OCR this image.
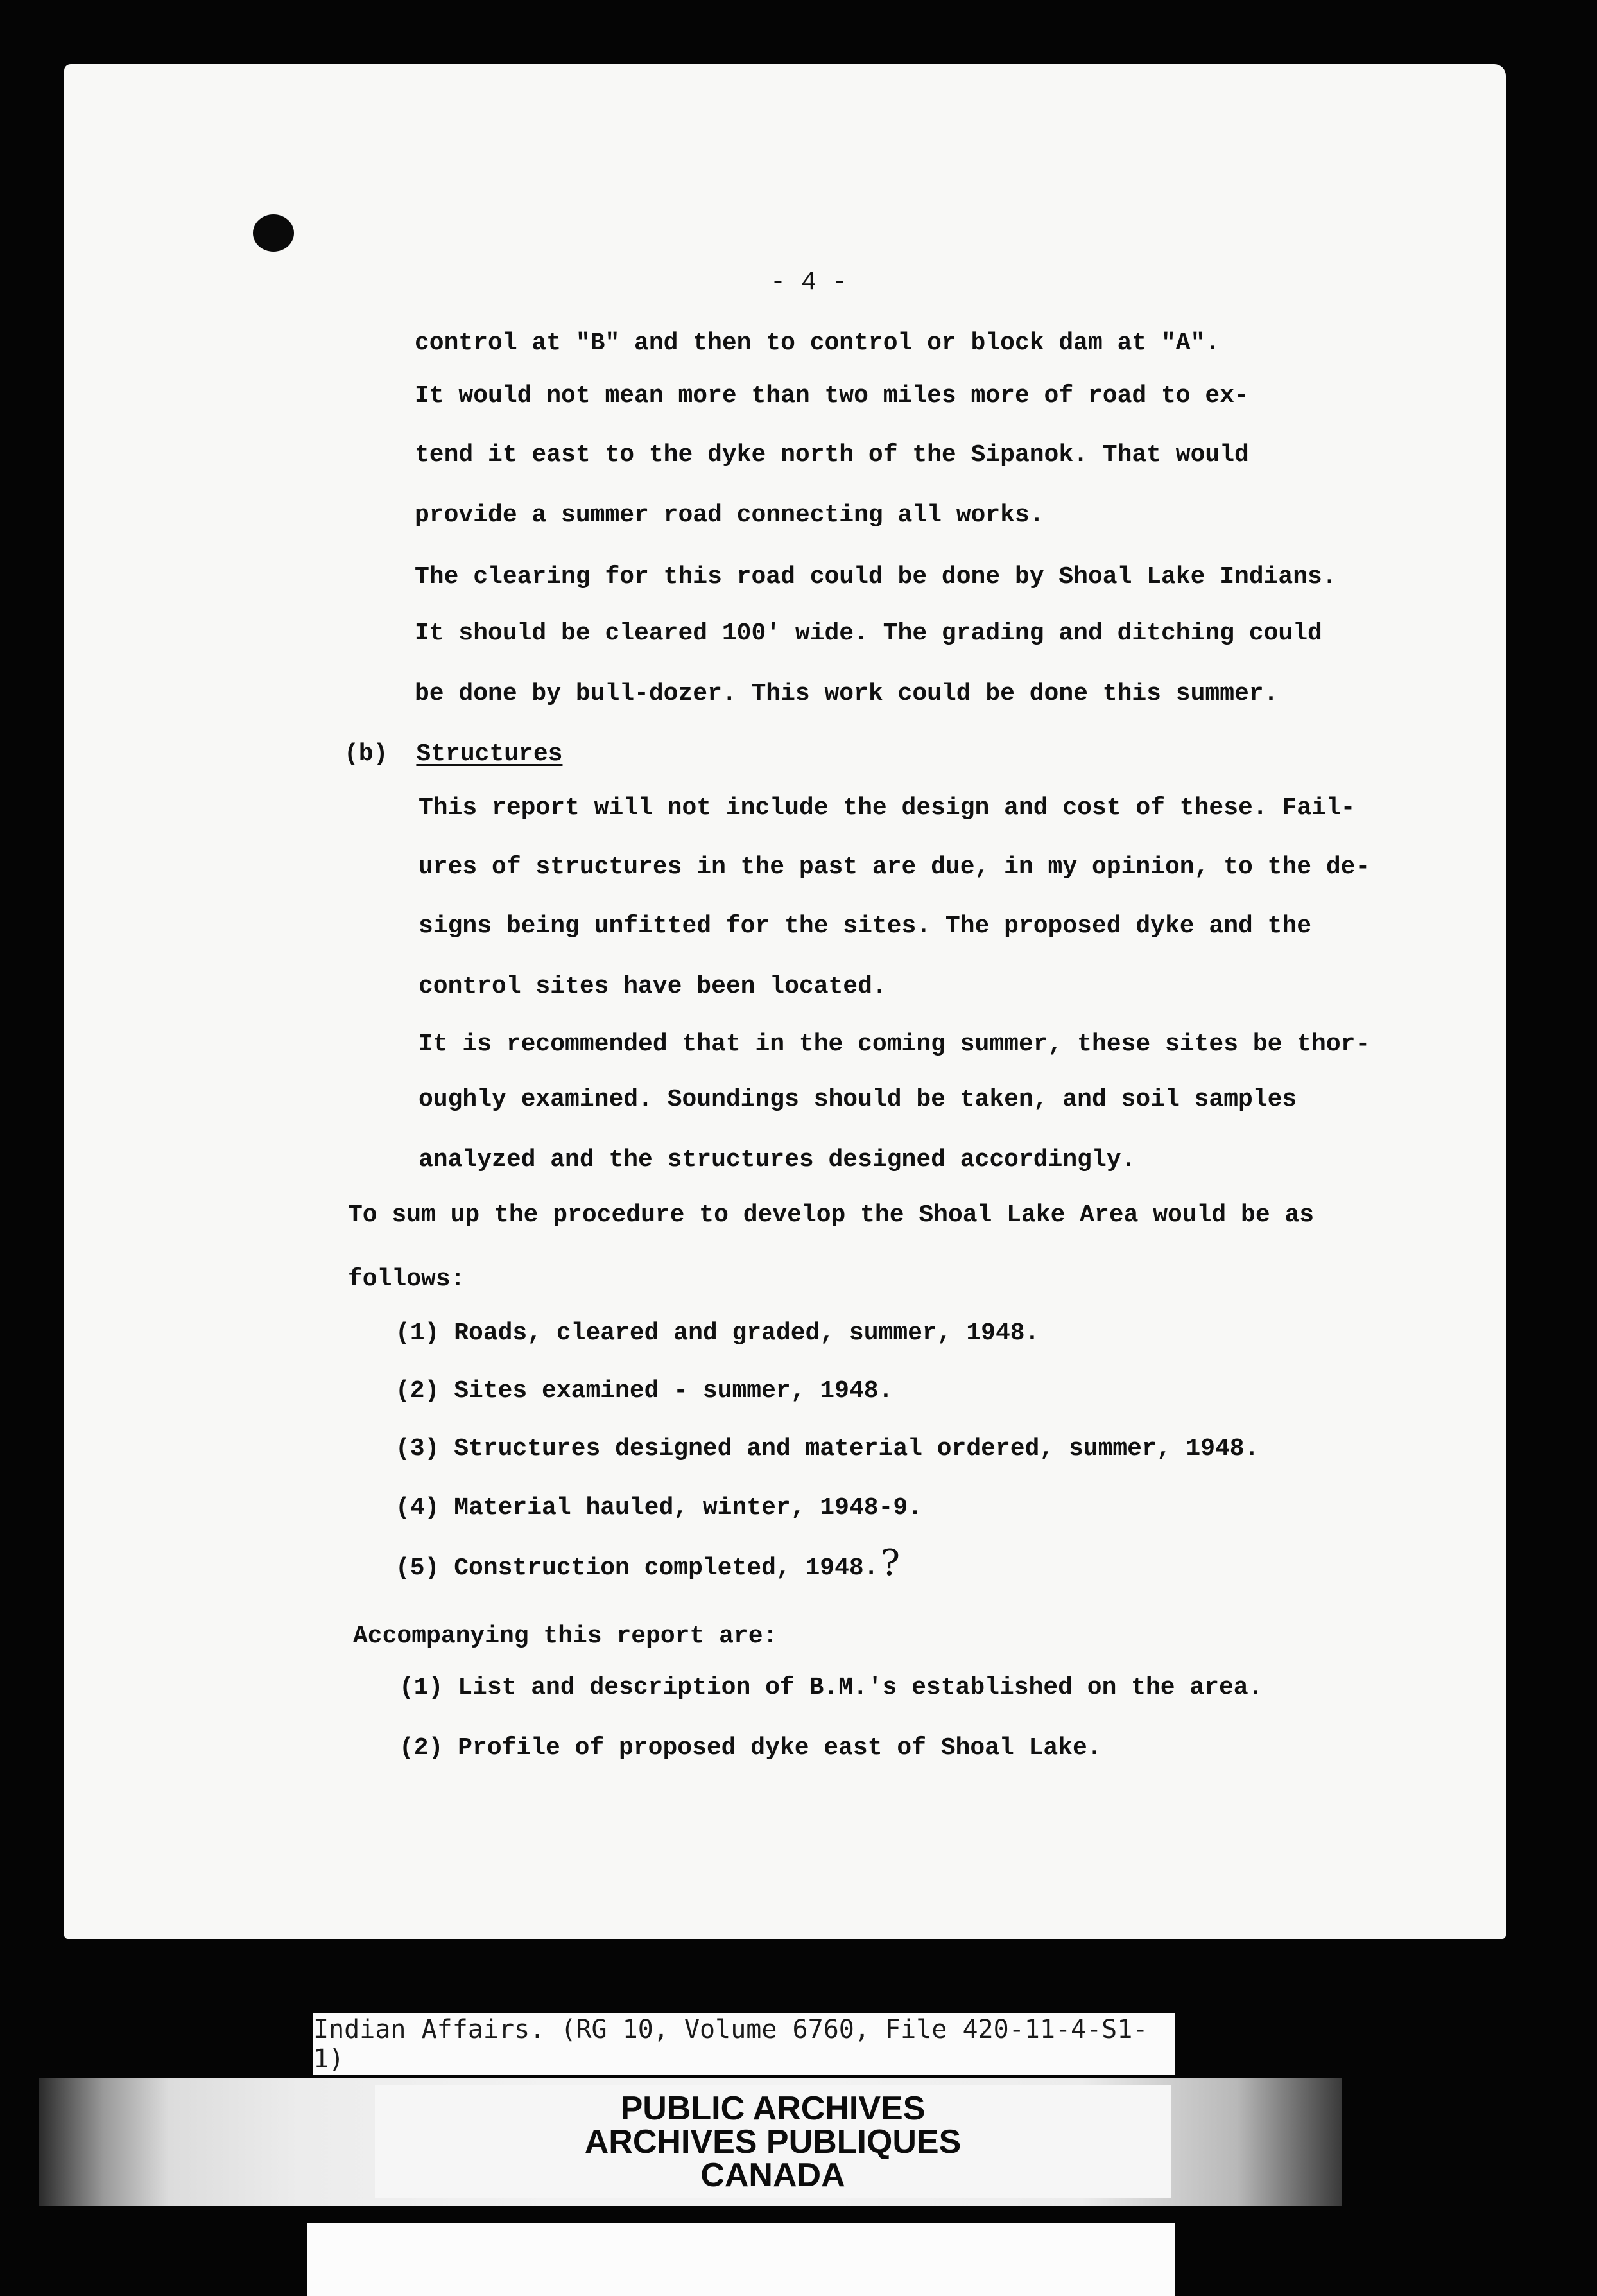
- 4 -
control at "B" and then to control or block dam at "A".
It would not mean more than two miles more of road to ex-
tend it east to the dyke north of the Sipanok. That would
provide a summer road connecting all works.
The clearing for this road could be done by Shoal Lake Indians.
It should be cleared 100' wide. The grading and ditching could
be done by bull-dozer. This work could be done this summer.
(b) Structures
This report will not include the design and cost of these. Fail-
ures of structures in the past are due, in my opinion, to the de-
signs being unfitted for the sites. The proposed dyke and the
control sites have been located.
It is recommended that in the coming summer, these sites be thor-
oughly examined. Soundings should be taken, and soil samples
analyzed and the structures designed accordingly.
To sum up the procedure to develop the Shoal Lake Area would be as
follows:
(1) Roads, cleared and graded, summer, 1948.
(2) Sites examined - summer, 1948.
(3) Structures designed and material ordered, summer, 1948.
(4) Material hauled, winter, 1948-9.
(5) Construction completed, 1948. ?
Accompanying this report are:
(1) List and description of B.M.'s established on the area.
(2) Profile of proposed dyke east of Shoal Lake.
Indian Affairs. (RG 10, Volume 6760, File 420-11-4-S1-1)
PUBLIC ARCHIVES
ARCHIVES PUBLIQUES
CANADA
